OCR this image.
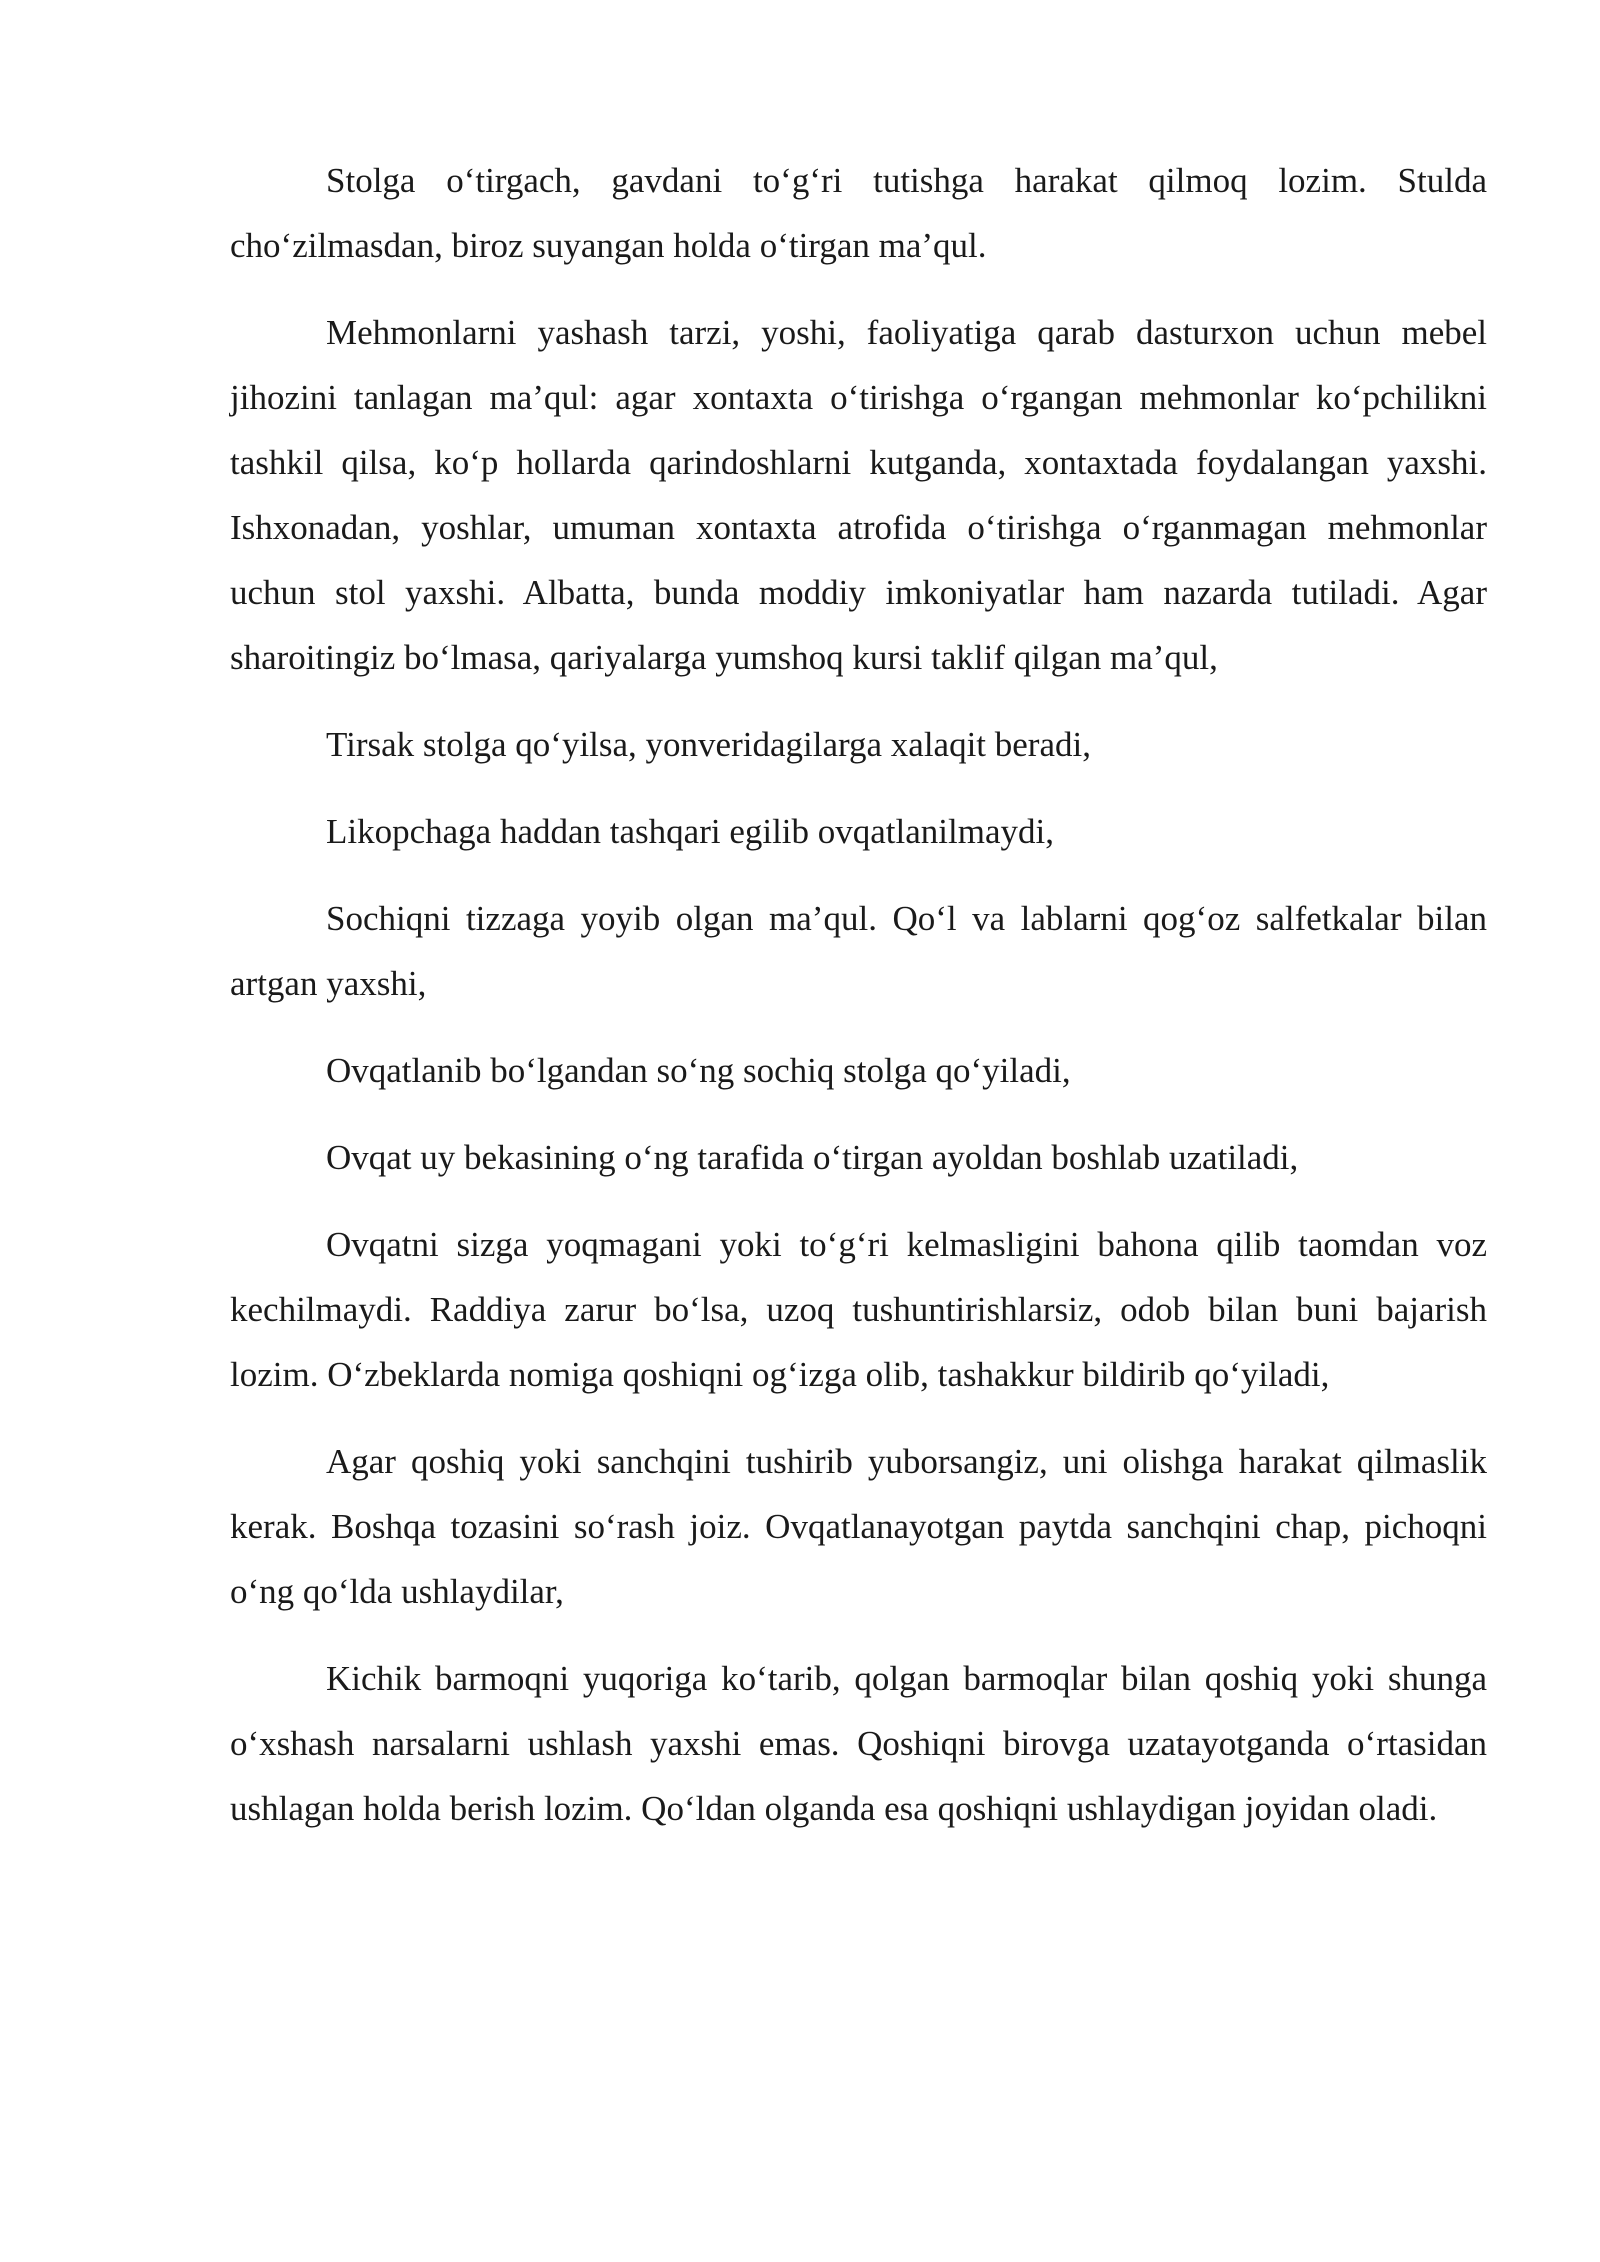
Stolga o‘tirgach, gavdani to‘g‘ri tutishga harakat qilmoq lozim. Stulda cho‘zilmasdan, biroz suyangan holda o‘tirgan ma’qul.

Mehmonlarni yashash tarzi, yoshi, faoliyatiga qarab dasturxon uchun mebel jihozini tanlagan ma’qul: agar xontaxta o‘tirishga o‘rgangan mehmonlar ko‘pchilikni tashkil qilsa, ko‘p hollarda qarindoshlarni kutganda, xontaxtada foydalangan yaxshi. Ishxonadan, yoshlar, umuman xontaxta atrofida o‘tirishga o‘rganmagan mehmonlar uchun stol yaxshi. Albatta, bunda moddiy imkoniyatlar ham nazarda tutiladi. Agar sharoitingiz bo‘lmasa, qariyalarga yumshoq kursi taklif qilgan ma’qul,

Tirsak stolga qo‘yilsa, yonveridagilarga xalaqit beradi,

Likopchaga haddan tashqari egilib ovqatlanilmaydi,

Sochiqni tizzaga yoyib olgan ma’qul. Qo‘l va lablarni qog‘oz salfetkalar bilan artgan yaxshi,

Ovqatlanib bo‘lgandan so‘ng sochiq stolga qo‘yiladi,

Ovqat uy bekasining o‘ng tarafida o‘tirgan ayoldan boshlab uzatiladi,

Ovqatni sizga yoqmagani yoki to‘g‘ri kelmasligini bahona qilib taomdan voz kechilmaydi. Raddiya zarur bo‘lsa, uzoq tushuntirishlarsiz, odob bilan buni bajarish lozim. O‘zbeklarda nomiga qoshiqni og‘izga olib, tashakkur bildirib qo‘yiladi,

Agar qoshiq yoki sanchqini tushirib yuborsangiz, uni olishga harakat qilmaslik kerak. Boshqa tozasini so‘rash joiz. Ovqatlanayotgan paytda sanchqini chap, pichoqni o‘ng qo‘lda ushlaydilar,

Kichik barmoqni yuqoriga ko‘tarib, qolgan barmoqlar bilan qoshiq yoki shunga o‘xshash narsalarni ushlash yaxshi emas. Qoshiqni birovga uzatayotganda o‘rtasidan ushlagan holda berish lozim. Qo‘ldan olganda esa qoshiqni ushlaydigan joyidan oladi.
